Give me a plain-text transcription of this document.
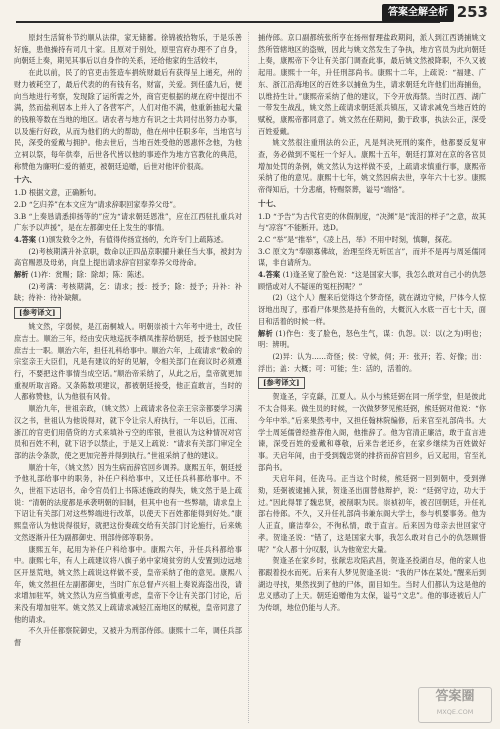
答案全解全析 253

原封生活简朴节约顺从法律，家无储蓄。徐锦被拾物乐，于是乐善好施，患他操持有司几十家。且原对于别处，原里宫府办理不了自身，向朝廷上奏，期见其事后以自身作的关系，还给他家的生活较丰，

在此以前，民了的官吏击签造车捐统财最后有获得呈上递充，州的财力被耗空了，最后代表的的有钱有名，财富，关爱。到任盛九后，便向当地进行考察，发现除了运所需之外，商官吏根据的规在府中提出不满，然而盐利居本上并入了各营军产，人们对他不满，他重新抽起大量的钱粮等数在当地的地区。诸农者与地方有识之士共同付出努力办事，以及施行好政，从而为他们的大的帮助，他在州中任职多年，当地官与民，深受的爱戴与拥护。他去世后，当地百姓受他的恩惠怀念他，为他立祠以祭，每年供奉，后世各代皆以他的事迹作为地方官教化的典范，称赞他为廉明仁爱的循吏，被朝廷追赠，后世对他评价很高。

十六、

1.D 根据文意，正确断句。

2.D “乞归养”在本文应为“请求辞职回家奉养父母”。

3.B “上奏恳请悉抑扬等的”应为“请求朝廷恩准”，应在江西驻扎重兵对广东予以声援”，是在左都御史任上发生的事情。

4.答案 (1)颁发敕令之外，有值得传扬宣扬的，允许专门上疏陈述。

(2)考核期满升补京职，数命以正四品京职擢升兼任当大事，被封为高官赐恩及母弟，向皇上提出请求辞官回家奉养父母待命。

解析 (1)祚：赏赐；除：除却；陈：陈述。

(2)考满：考核期满，乞：请求；授：授予；除：授予；升补：补缺；待补：待补缺额。

[参考译文]

姚文然，字弱侯，是江南桐城人。明朝崇祯十六年考中进士，改任庶吉士。顺治三年，经由安庆地巡抚李栖凤推荐给朝廷，授予他国史院庶吉士一职。顺治六年，担任礼科给事中。顺治六年，上疏请求“敕命的宗室亲王大臣们，凡是有建议的好的见解，令相关部门在商议时必须遵行，不要把这件事情当成空话。”顺治帝采纳了，从此之后，皇帝就更加重视听取言路。又条陈数项建议，都被朝廷接受，他正直敢言，当时的人都称赞他，认为他很有风骨。

顺治九年，世祖亲政，（姚文然）上疏请求各位亲王宗亲都要学习满汉之书，世祖认为他说得对，就下令让宗人府执行，一年以后，江南、浙江的官吏们用借贷的方式来填补亏空的库银，世祖认为这种情况对官员和百姓不利，就下诏予以禁止，于是又上疏说：“请求有关部门审定全部的法令条款，使之更加完善并得到执行。”世祖采纳了他的建议。

顺治十年，（姚文然）因为生病而辞官回乡调养。康熙五年，朝廷授予他礼部给事中的职务，补任户科给事中，又迁任兵科都给事中。不久，世祖下达诏书，命令官员们上书陈述施政的得失，姚文然于是上疏说：“清朝的法度都是承袭明朝的旧制，但其中也有一些弊端，请求皇上下诏让有关部门对这些弊端进行改革，以使天下百姓都能得到好处。”康熙皇帝认为他说得很好，就把这份奏疏交给有关部门讨论施行，后来姚文然逐渐升任为副都御史、刑部侍郎等职务。

康熙五年，起用为补任户科给事中。康熙六年，升任兵科都给事中。康熙七年，有人上疏建议将八旗子弟中家境贫穷的人安置到边远地区开垦荒地，姚文然上疏说这样做不妥，皇帝采纳了他的意见。康熙八年，姚文然担任左副都御史，当时广东总督卢兴祖上奏说海盗出没，请求增加驻军，姚文然认为应当慎重考虑，皇帝下令让有关部门讨论，后来没有增加驻军。姚文然又上疏请求减轻江南地区的赋税，皇帝同意了他的请求。

不久升任都察院御史，又被升为刑部侍郎。康熙十二年，调任兵部督

捕侍郎。京口副都统张所亨在扬州督理盐政期间，派人到江西诱捕姚文然所管辖地区的盗贼，因此与姚文然发生了争执，地方官员为此向朝廷上奏，康熙帝下令让有关部门调查此事，最后姚文然被降职，不久又被起用。康熙十一年，升任刑部尚书。康熙十二年，上疏说：“福建、广东、浙江沿海地区的百姓多以捕鱼为生，请求朝廷允许他们出海捕鱼，以维持生计。”康熙帝采纳了他的建议，下令开放海禁。当时江西、湖广一带发生战乱，姚文然上疏请求朝廷派兵镇压，又请求减免当地百姓的赋税，康熙帝都同意了。姚文然在任期间，勤于政事，执法公正，深受百姓爱戴。

姚文然很注重刑法的公正，凡是判决死刑的案件，他都要反复审查，务必做到不冤枉一个好人。康熙十五年，朝廷打算对在京的各官员增加处罚的条例，姚文然认为这样做不妥，上疏请求慎重行事，康熙帝采纳了他的意见。康熙十七年，姚文然因病去世，享年六十七岁。康熙帝得知后，十分悲痛，特赐祭葬，谥号“端恪”。

十七、

1.D “予告”为古代官吏的休假制度，“决渊”是“流泪的样子”之意，故其与“凉容”不能断开。选D。

2.C “举”是“推举”，《凌上吕，举》不用中时刻，慎聊，探花。

3.C 原文为“奉颐寡佛故，治理至终无听匡言”，而并不是再与周延儒同谋，非自请所为。

4.答案 (1)逢圣宽了脸色说：“这是国家大事，我怎么敢对自己小的仇怨顾惜或对人不疑诬的冤枉拐呢？”

(2)（这个人）醒来后觉得这个梦奇怪，就在湖边守候，尸体今人惊讶地出现了，那看尸体果然是持有鱼的，大概沉入水底一百七十天，面目和活着的时候一样。

解析 (1)作色：变了脸色，怒色生气，谋：仇怨。以：以(之为)明也；明：辨明。

(2)异：认为……奇怪；侯：守候，伺；开：张开；若、好像；出：浮出；盖：大概；可：可能；生：活的，活着的。

[参考译文]

贺逢圣，字克繇，江夏人。从小与熊廷弼在同一所学堂，但是彼此不太合得来。做生员的时候，一次做梦梦见熊廷弼，熊廷弼对他说：“你今年中举。”后来果然考中，又担任翰林院编修，后来官至礼部尚书。大学士周延儒曾经推荐他入阁，他推辞了。他为官清正廉洁，敢于直言进谏，深受百姓的爱戴和尊敬，后来告老还乡，在家乡继续为百姓做好事。天启年间，由于受到魏忠贤的排挤而辞官回乡，后又起用，官至礼部尚书。

天启年间，任洗马。正当这个时候，熊廷弼一回到朝中，受到弹劾，廷弼被逮捕入狱，贺逢圣出面替他辩护，说：“廷弼守边，功大于过。”因此得罪了魏忠贤，被削职为民。崇祯初年，被召回朝廷，升任礼部右侍郎。不久，又升任礼部尚书兼东阁大学士，参与机要事务。他为人正直，廉洁奉公，不徇私情，敢于直言。后来因为母亲去世回家守孝。贺逢圣说：“错了，这是国家大事，我怎么敢对自己小的仇怨顾惜呢？”众人都十分叹服，认为他宽宏大量。

贺逢圣在家乡时，张献忠攻陷武昌，贺逢圣投湖自尽，他的家人也都跟着投水而死。后来有人梦见贺逢圣说：“我的尸体在某处。”醒来后到湖边寻找，果然找到了他的尸体，面目如生。当时人们都认为这是他的忠义感动了上天。朝廷追赠他为太保，谥号“文忠”。他的事迹被后人广为传颂，地位仍能与人齐。

答案圈
MXQE.COM
